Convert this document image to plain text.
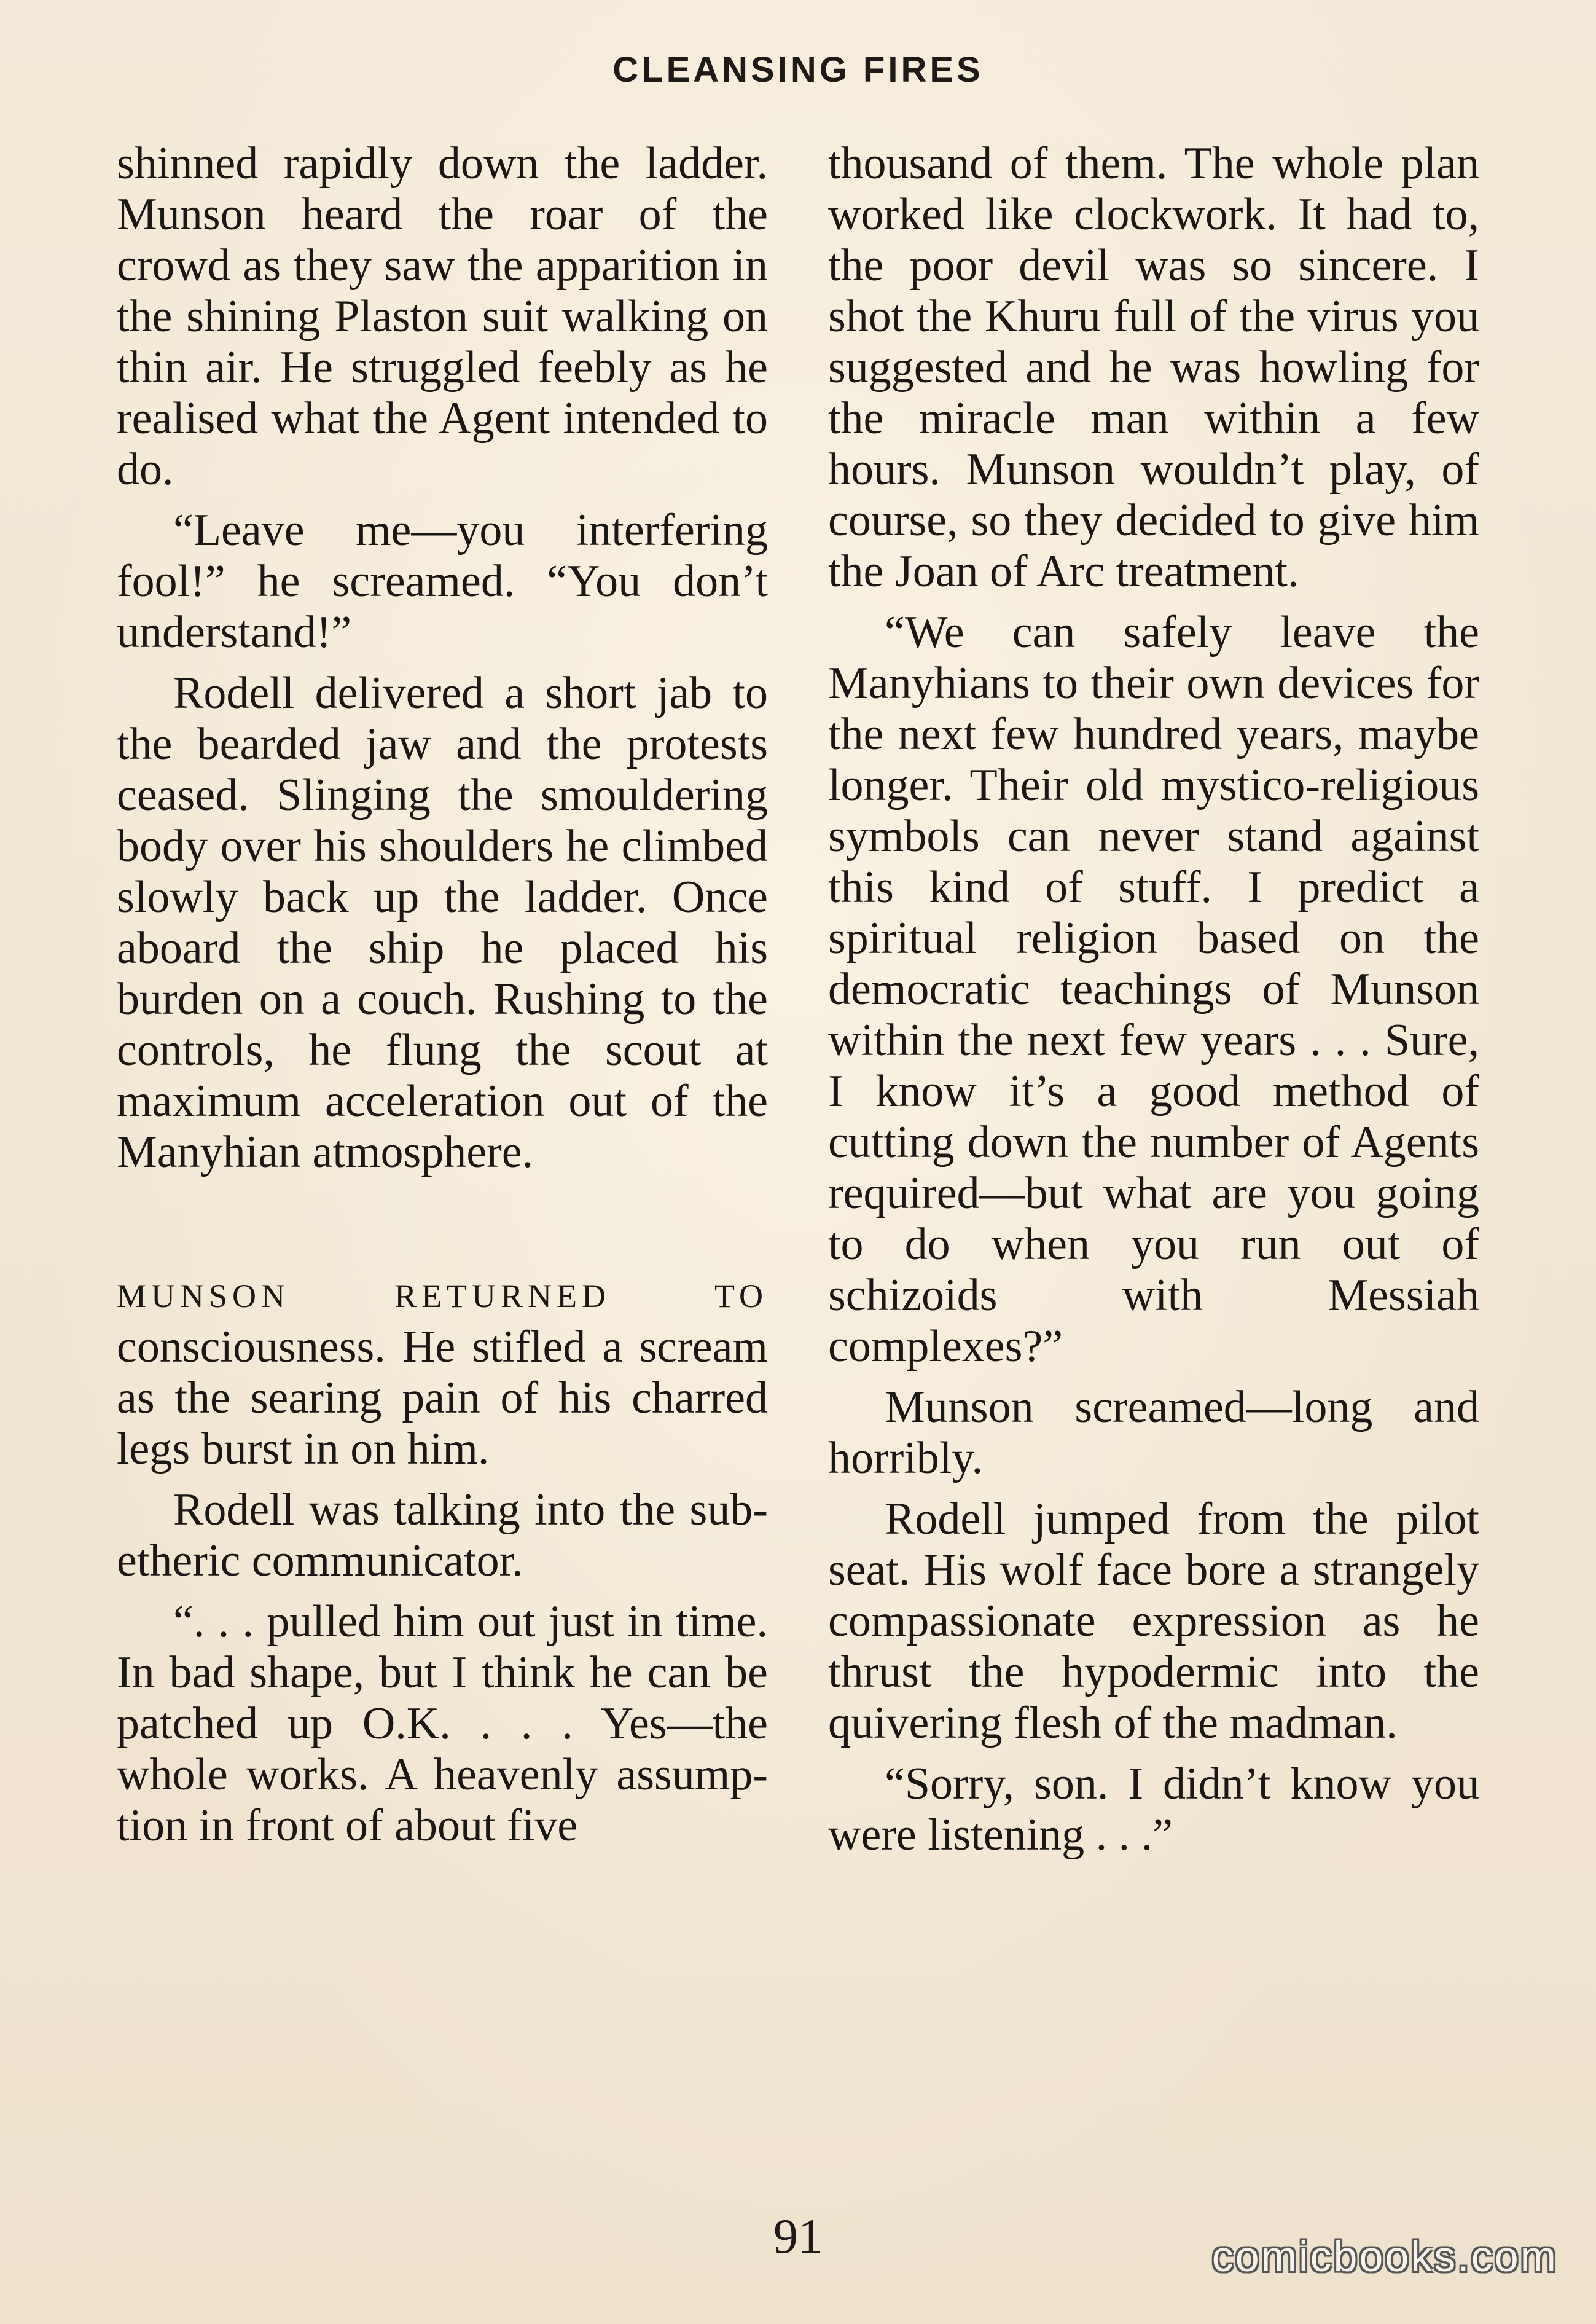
CLEANSING FIRES

shinned rapidly down the ladder. Munson heard the roar of the crowd as they saw the apparition in the shining Plaston suit walking on thin air. He struggled feebly as he realised what the Agent intended to do.

“Leave me—you interfering fool!” he screamed. “You don’t understand!”

Rodell delivered a short jab to the bearded jaw and the protests ceased. Slinging the smouldering body over his shoulders he climbed slowly back up the ladder. Once aboard the ship he placed his burden on a couch. Rushing to the controls, he flung the scout at maximum acceleration out of the Manyhian atmosphere.

MUNSON RETURNED TO consciousness. He stifled a scream as the searing pain of his charred legs burst in on him.

Rodell was talking into the sub-etheric communicator.

“. . . pulled him out just in time. In bad shape, but I think he can be patched up O.K. . . . Yes—the whole works. A heavenly assumption in front of about five

thousand of them. The whole plan worked like clockwork. It had to, the poor devil was so sincere. I shot the Khuru full of the virus you suggested and he was howling for the miracle man within a few hours. Munson wouldn’t play, of course, so they decided to give him the Joan of Arc treatment.

“We can safely leave the Manyhians to their own devices for the next few hundred years, maybe longer. Their old mystico-religious symbols can never stand against this kind of stuff. I predict a spiritual religion based on the democratic teachings of Munson within the next few years . . . Sure, I know it’s a good method of cutting down the number of Agents required—but what are you going to do when you run out of schizoids with Messiah complexes?”

Munson screamed—long and horribly.

Rodell jumped from the pilot seat. His wolf face bore a strangely compassionate expression as he thrust the hypodermic into the quivering flesh of the madman.

“Sorry, son. I didn’t know you were listening . . .”

91	comicbooks.com
